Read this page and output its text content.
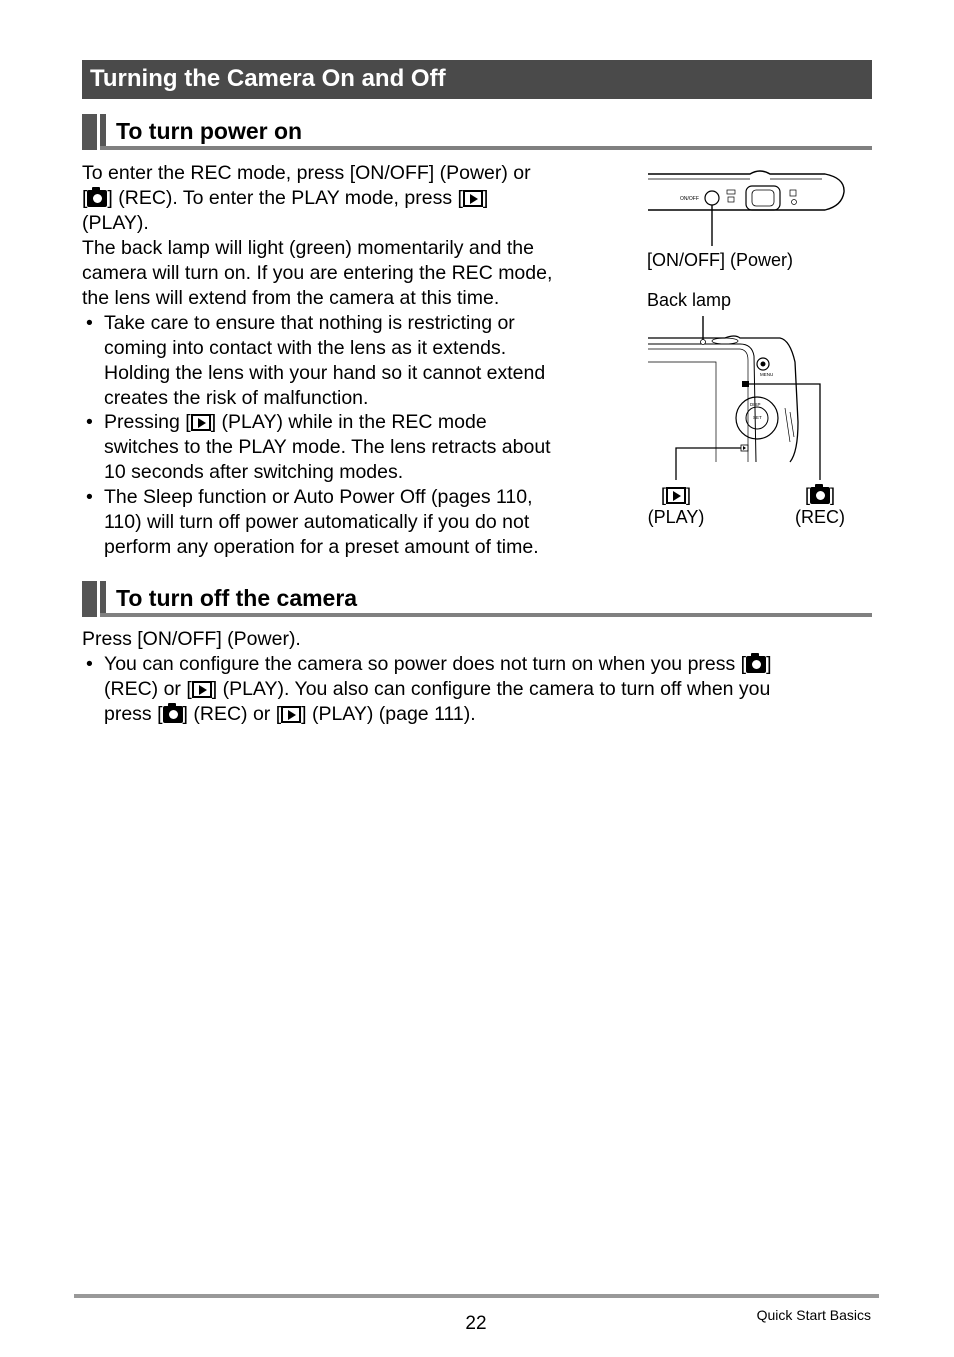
Turning the Camera On and Off
To turn power on

To enter the REC mode, press [ON/OFF] (Power) or

[ ] (REC). To enter the PLAY mode, press [ ]

(PLAY).

The back lamp will light (green) momentarily and the

camera will turn on. If you are entering the REC mode,

the lens will extend from the camera at this time.

• Take care to ensure that nothing is restricting or
coming into contact with the lens as it extends.
Holding the lens with your hand so it cannot extend
creates the risk of malfunction.
• Pressing [ ] (PLAY) while in the REC mode
switches to the PLAY mode. The lens retracts about
10 seconds after switching modes.
• The Sleep function or Auto Power Off (pages 110,
110) will turn off power automatically if you do not
perform any operation for a preset amount of time.
ON/OFF
[ON/OFF] (Power)
Back lamp
MENU
SET
DISP
[ ]
(PLAY)
[ ]
(REC)
To turn off the camera

Press [ON/OFF] (Power).

• You can configure the camera so power does not turn on when you press [ ]
(REC) or [ ] (PLAY). You also can configure the camera to turn off when you
press [ ] (REC) or [ ] (PLAY) (page 111).
22	Quick Start Basics
